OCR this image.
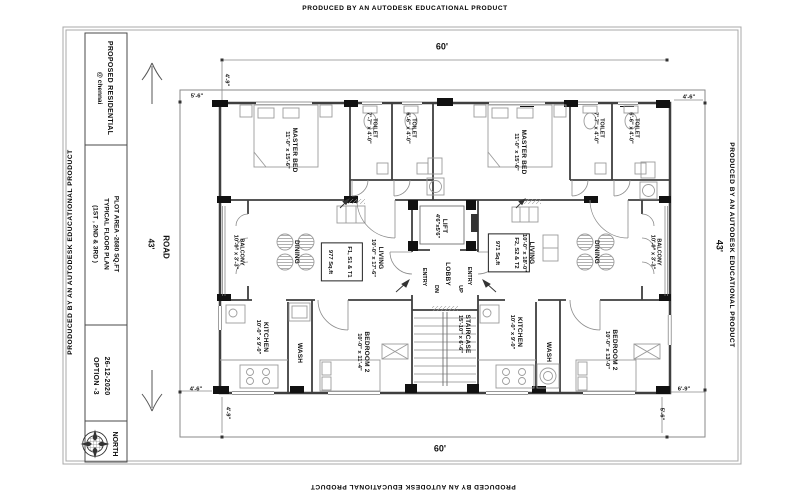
PRODUCED BY AN AUTODESK EDUCATIONAL PRODUCT
PRODUCED BY AN AUTODESK EDUCATIONAL PRODUCT
PRODUCED BY AN AUTODESK EDUCATIONAL PRODUCT	PRODUCED BY AN AUTODESK EDUCATIONAL PRODUCT
PROPOSED RESIDENTIAL
@ chennai
PLOT AREA -2680 SQ.FT
TYPICAL FLOOR PLAN
(1ST , 2ND & 3RD )
26-12-2020
OPTION -3
NORTH
43' ROAD
60'
60'
43'
5'-6"
4'-9"
4'-6"
4'-6"
4'-9"
6'-9"
5'-6"
LIFT
4'6"x5'6"
LOBBY
ENTRY
DN
ENTRY
UP
STAIRCASE
15'-10" x 6'-6"
MASTER BED
11'-0" x 15'-6"
TOILET
7'-7" x 4'-0"	TOILET
6'-6" x 4'-0"
BALCONY
10'-0" x 3'-3"	DINING	F1, S1 & T1
977 Sq.ft	LIVING
10'-0" x 17'-6"
KITCHEN
10'-0" x 9'-0"	WASH	BEDROOM 2
10'-0" x 11'-4"
MASTER BED
11'-0" x 15'-6"
TOILET
7'-7" x 4'-0"	TOILET
6'-6" x 4'-0"
F2, S2 & T2
971 Sq.ft	LIVING
10'-0" x 18'-0"	DINING	BALCONY
10'-0" x 3'-3"
KITCHEN
10'-0" x 9'-0"
WASH	BEDROOM 2
10'-0" x 13'-0"
